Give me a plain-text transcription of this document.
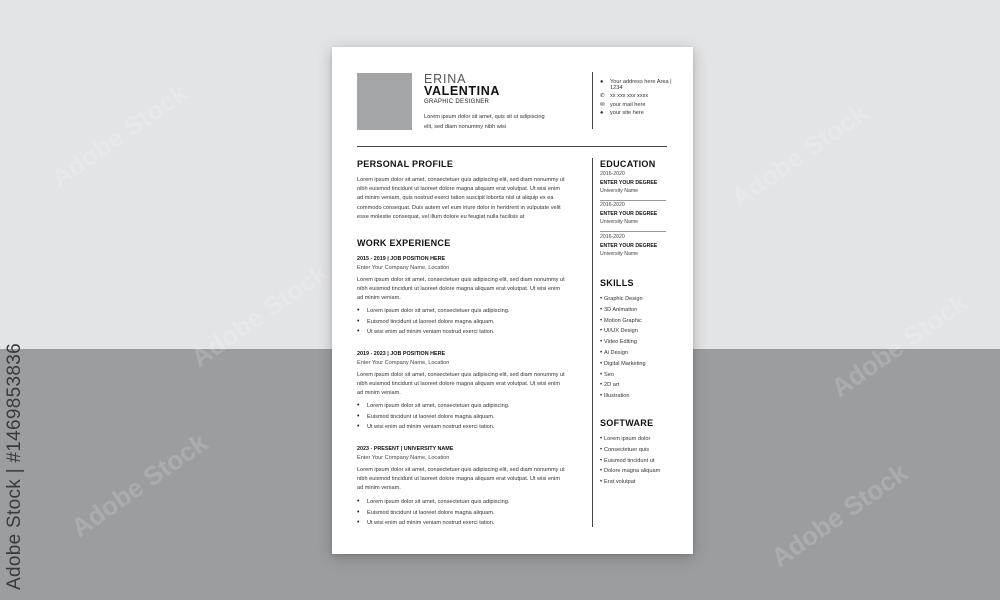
Adobe Stock | #1469853836
ERINA
VALENTINA
GRAPHIC DESIGNER
Lorem ipsum dolor sit amet, quis sit ut adipiscing elit, sed diam nonummy nibh wisi
●	Your address here Area | 1234
✆ xx xxx xxx xxxx
✉ your mail here
●	your site here
PERSONAL PROFILE
Lorem ipsum dolor sit amet, consectetuer quis adipiscing elit, sed diam nonummy ut
nibh euismod tincidunt ut laoreet dolore magna aliquam erat volutpat. Ut wisi enim
ad minim veniam, quis nostrud exerci tation suscipit lobortis nisl ut aliquip ex ea
commodo consequat. Duis autem vel eum iriure dolor in hendrerit in vulputate velit
esse molestie consequat, vel illum dolore eu feugiat nulla facilisis at
WORK EXPERIENCE
2015 - 2019 | JOB POSITION HERE
Enter Your Company Name, Location
Lorem ipsum dolor sit amet, consectetuer quis adipiscing elit, sed diam nonummy ut
nibh euismod tincidunt ut laoreet dolore magna aliquam erat volutpat. Ut wisi enim
ad minim veniam.
•	Lorem ipsum dolor sit amet, consectetuer quis adipiscing.
•	Euismod tincidunt ut laoreet dolore magna aliquam.
•	Ut wisi enim ad minim veniam nostrud exerci tation.
2019 - 2023 | JOB POSITION HERE
Enter Your Company Name, Location
Lorem ipsum dolor sit amet, consectetuer quis adipiscing elit, sed diam nonummy ut
nibh euismod tincidunt ut laoreet dolore magna aliquam erat volutpat. Ut wisi enim
ad minim veniam.
•	Lorem ipsum dolor sit amet, consectetuer quis adipiscing.
•	Euismod tincidunt ut laoreet dolore magna aliquam.
•	Ut wisi enim ad minim veniam nostrud exerci tation.
2023 - PRESENT | UNIVERSITY NAME
Enter Your Company Name, Location
Lorem ipsum dolor sit amet, consectetuer quis adipiscing elit, sed diam nonummy ut
nibh euismod tincidunt ut laoreet dolore magna aliquam erat volutpat. Ut wisi enim
ad minim veniam.
•	Lorem ipsum dolor sit amet, consectetuer quis adipiscing.
•	Euismod tincidunt ut laoreet dolore magna aliquam.
•	Ut wisi enim ad minim veniam nostrud exerci tation.
EDUCATION
2016-2020
ENTER YOUR DEGREE
University Name
2016-2020
ENTER YOUR DEGREE
University Name
2016-2020
ENTER YOUR DEGREE
University Name
SKILLS
• Graphic Design
• 3D Animation
• Motion Graphic
• UI/UX Design
• Video Editing
• Ai Design
• Digital Marketing
• Seo
• 2D art
• Illustration
SOFTWARE
• Lorem ipsum dolor
• Consectetuer quis
• Euismod tincidunt ut
• Dolore magna aliquam
• Erat volutpat
